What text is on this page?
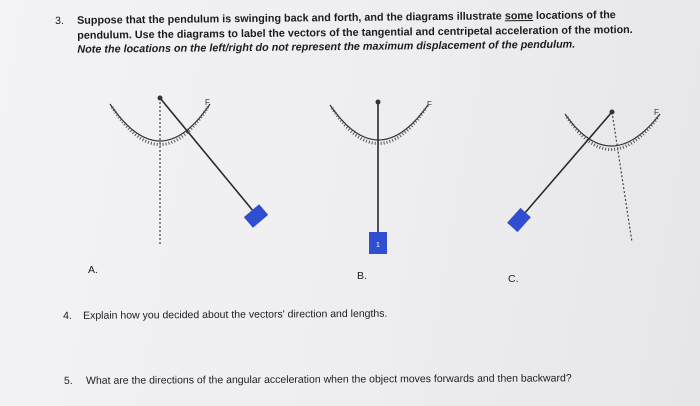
3. Suppose that the pendulum is swinging back and forth, and the diagrams illustrate some locations of the
pendulum. Use the diagrams to label the vectors of the tangential and centripetal acceleration of the motion.
Note the locations on the left/right do not represent the maximum displacement of the pendulum.
F
1
F
F
A.	B.	C.
4. Explain how you decided about the vectors' direction and lengths.
5. What are the directions of the angular acceleration when the object moves forwards and then backward?
